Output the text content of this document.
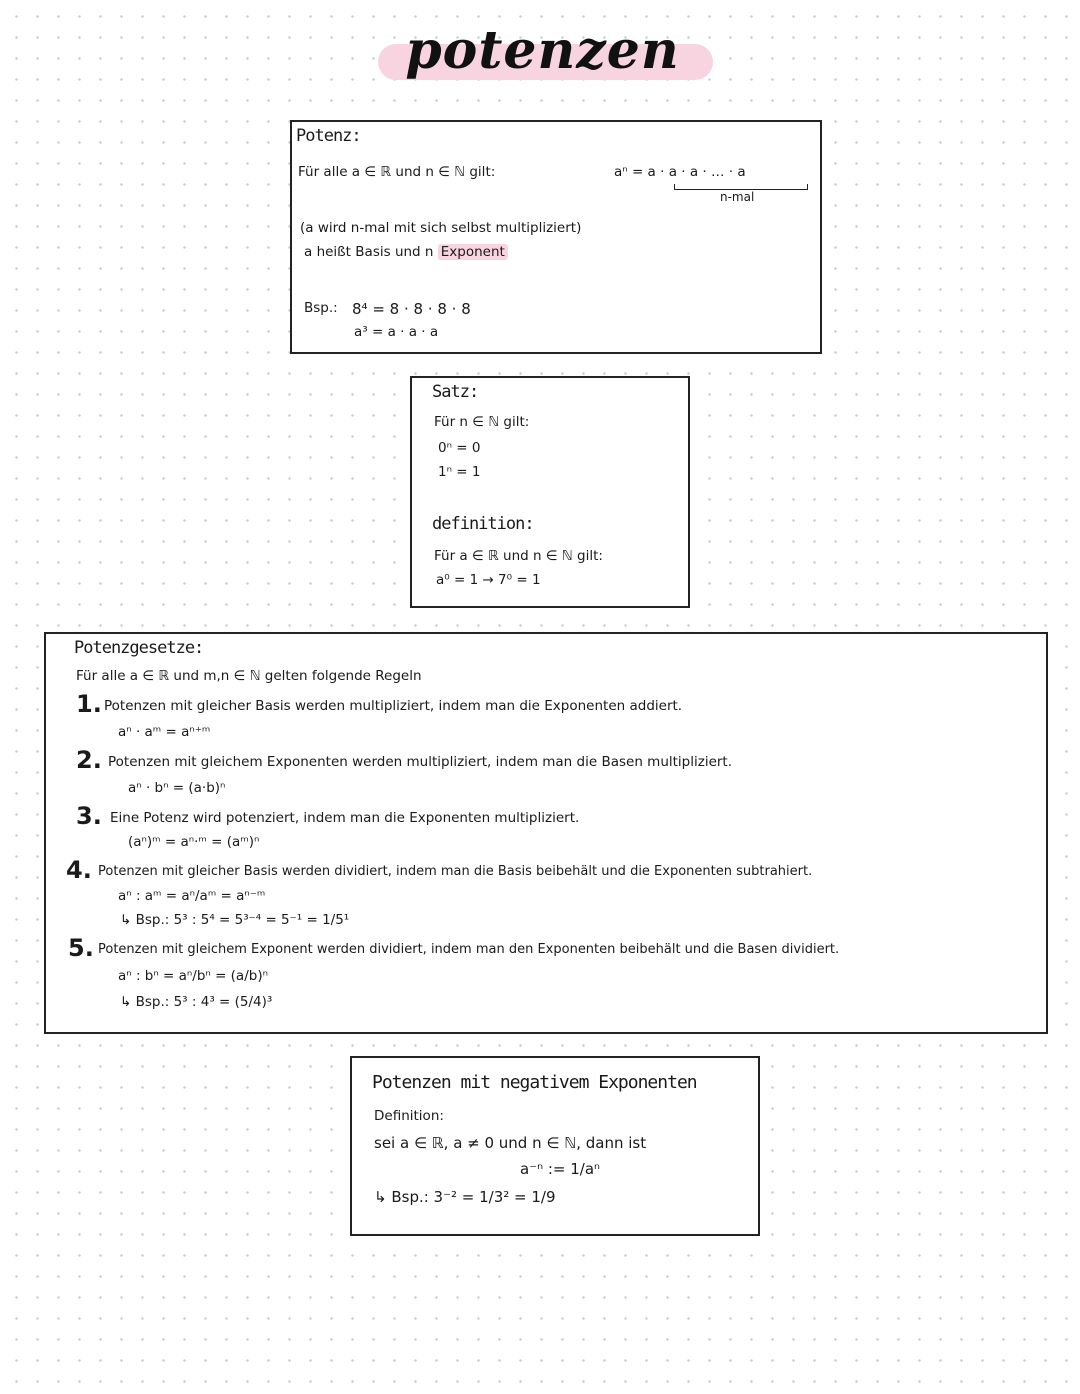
potenzen
Potenz:
Für alle a ∈ ℝ und n ∈ ℕ gilt:	aⁿ = a · a · a · … · a
n-mal
(a wird n-mal mit sich selbst multipliziert)
a heißt Basis und n Exponent
Bsp.: 8⁴ = 8 · 8 · 8 · 8
a³ = a · a · a
Satz:
Für n ∈ ℕ gilt:
0ⁿ = 0
1ⁿ = 1
definition:
Für a ∈ ℝ und n ∈ ℕ gilt:
a⁰ = 1 → 7⁰ = 1
Potenzgesetze:
Für alle a ∈ ℝ und m,n ∈ ℕ gelten folgende Regeln
1. Potenzen mit gleicher Basis werden multipliziert, indem man die Exponenten addiert.
aⁿ · aᵐ = aⁿ⁺ᵐ
2. Potenzen mit gleichem Exponenten werden multipliziert, indem man die Basen multipliziert.
aⁿ · bⁿ = (a·b)ⁿ
3. Eine Potenz wird potenziert, indem man die Exponenten multipliziert.
(aⁿ)ᵐ = aⁿ·ᵐ = (aᵐ)ⁿ
4. Potenzen mit gleicher Basis werden dividiert, indem man die Basis beibehält und die Exponenten subtrahiert.
aⁿ : aᵐ = aⁿ/aᵐ = aⁿ⁻ᵐ
↳ Bsp.: 5³ : 5⁴ = 5³⁻⁴ = 5⁻¹ = 1/5¹
5. Potenzen mit gleichem Exponent werden dividiert, indem man den Exponenten beibehält und die Basen dividiert.
aⁿ : bⁿ = aⁿ/bⁿ = (a/b)ⁿ
↳ Bsp.: 5³ : 4³ = (5/4)³
Potenzen mit negativem Exponenten
Definition:
sei a ∈ ℝ, a ≠ 0 und n ∈ ℕ, dann ist
a⁻ⁿ := 1/aⁿ
↳ Bsp.: 3⁻² = 1/3² = 1/9
